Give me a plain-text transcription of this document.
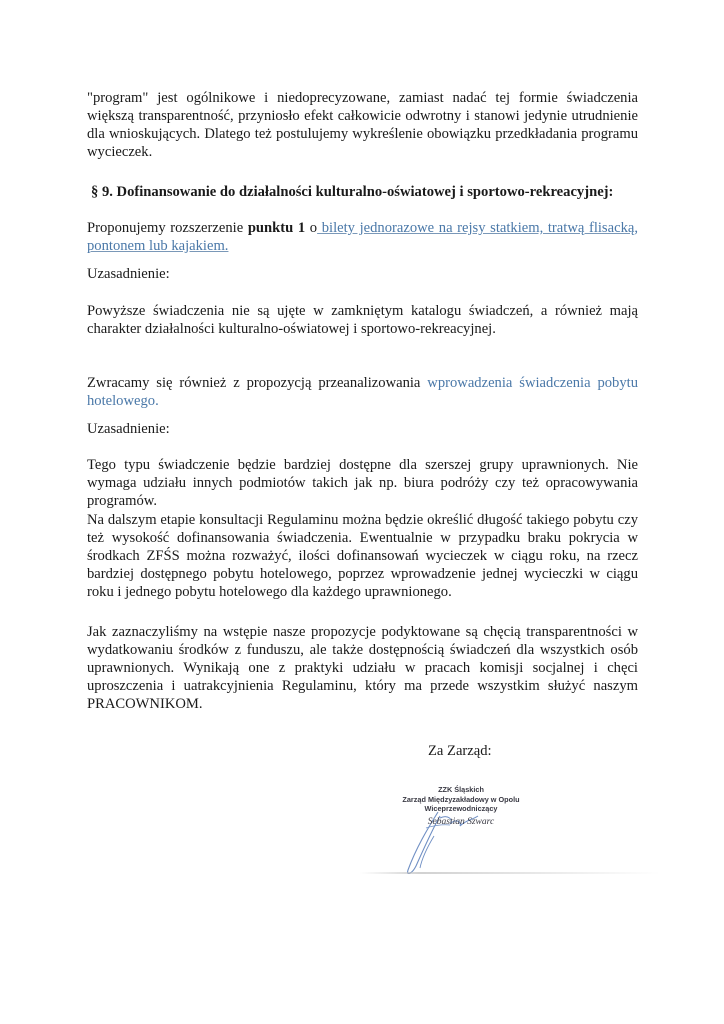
"program" jest ogólnikowe i niedoprecyzowane, zamiast nadać tej formie świadczenia większą transparentność, przyniosło efekt całkowicie odwrotny i stanowi jedynie utrudnienie dla wnioskujących. Dlatego też postulujemy wykreślenie obowiązku przedkładania programu wycieczek.

§ 9. Dofinansowanie do działalności kulturalno-oświatowej i sportowo-rekreacyjnej:

Proponujemy rozszerzenie punktu 1 o bilety jednorazowe na rejsy statkiem, tratwą flisacką, pontonem lub kajakiem.

Uzasadnienie:

Powyższe świadczenia nie są ujęte w zamkniętym katalogu świadczeń, a również mają charakter działalności kulturalno-oświatowej i sportowo-rekreacyjnej.

Zwracamy się również z propozycją przeanalizowania wprowadzenia świadczenia pobytu hotelowego.

Uzasadnienie:

Tego typu świadczenie będzie bardziej dostępne dla szerszej grupy uprawnionych. Nie wymaga udziału innych podmiotów takich jak np. biura podróży czy też opracowywania programów.

Na dalszym etapie konsultacji Regulaminu można będzie określić długość takiego pobytu czy też wysokość dofinansowania świadczenia. Ewentualnie w przypadku braku pokrycia w środkach ZFŚS można rozważyć, ilości dofinansowań wycieczek w ciągu roku, na rzecz bardziej dostępnego pobytu hotelowego, poprzez wprowadzenie jednej wycieczki w ciągu roku i jednego pobytu hotelowego dla każdego uprawnionego.

Jak zaznaczyliśmy na wstępie nasze propozycje podyktowane są chęcią transparentności w wydatkowaniu środków z funduszu, ale także dostępnością świadczeń dla wszystkich osób uprawnionych. Wynikają one z praktyki udziału w pracach komisji socjalnej i chęci uproszczenia i uatrakcyjnienia Regulaminu, który ma przede wszystkim służyć naszym PRACOWNIKOM.

Za Zarząd:
ZZK Śląskich
Zarząd Międzyzakładowy w Opolu
Wiceprzewodniczący
Sebastian Szwarc
